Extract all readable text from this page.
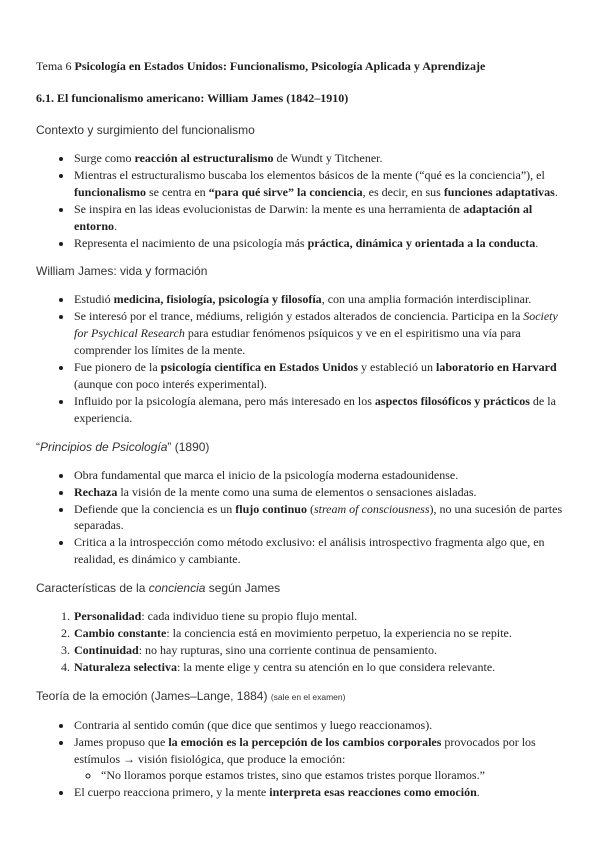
Tema 6 Psicología en Estados Unidos: Funcionalismo, Psicología Aplicada y Aprendizaje

6.1. El funcionalismo americano: William James (1842–1910)

Contexto y surgimiento del funcionalismo

• Surge como reacción al estructuralismo de Wundt y Titchener.
• Mientras el estructuralismo buscaba los elementos básicos de la mente (“qué es la conciencia”), el funcionalismo se centra en “para qué sirve” la conciencia, es decir, en sus funciones adaptativas.
• Se inspira en las ideas evolucionistas de Darwin: la mente es una herramienta de adaptación al entorno.
• Representa el nacimiento de una psicología más práctica, dinámica y orientada a la conducta.

William James: vida y formación

• Estudió medicina, fisiología, psicología y filosofía, con una amplia formación interdisciplinar.
• Se interesó por el trance, médiums, religión y estados alterados de conciencia. Participa en la Society for Psychical Research para estudiar fenómenos psíquicos y ve en el espiritismo una vía para comprender los límites de la mente.
• Fue pionero de la psicología científica en Estados Unidos y estableció un laboratorio en Harvard (aunque con poco interés experimental).
• Influido por la psicología alemana, pero más interesado en los aspectos filosóficos y prácticos de la experiencia.

“Principios de Psicología” (1890)

• Obra fundamental que marca el inicio de la psicología moderna estadounidense.
• Rechaza la visión de la mente como una suma de elementos o sensaciones aisladas.
• Defiende que la conciencia es un flujo continuo (stream of consciousness), no una sucesión de partes separadas.
• Critica a la introspección como método exclusivo: el análisis introspectivo fragmenta algo que, en realidad, es dinámico y cambiante.

Características de la conciencia según James

1. Personalidad: cada individuo tiene su propio flujo mental.
2. Cambio constante: la conciencia está en movimiento perpetuo, la experiencia no se repite.
3. Continuidad: no hay rupturas, sino una corriente continua de pensamiento.
4. Naturaleza selectiva: la mente elige y centra su atención en lo que considera relevante.

Teoría de la emoción (James–Lange, 1884) (sale en el examen)

• Contraria al sentido común (que dice que sentimos y luego reaccionamos).
• James propuso que la emoción es la percepción de los cambios corporales provocados por los estímulos → visión fisiológica, que produce la emoción:
◦ “No lloramos porque estamos tristes, sino que estamos tristes porque lloramos.”
• El cuerpo reacciona primero, y la mente interpreta esas reacciones como emoción.
